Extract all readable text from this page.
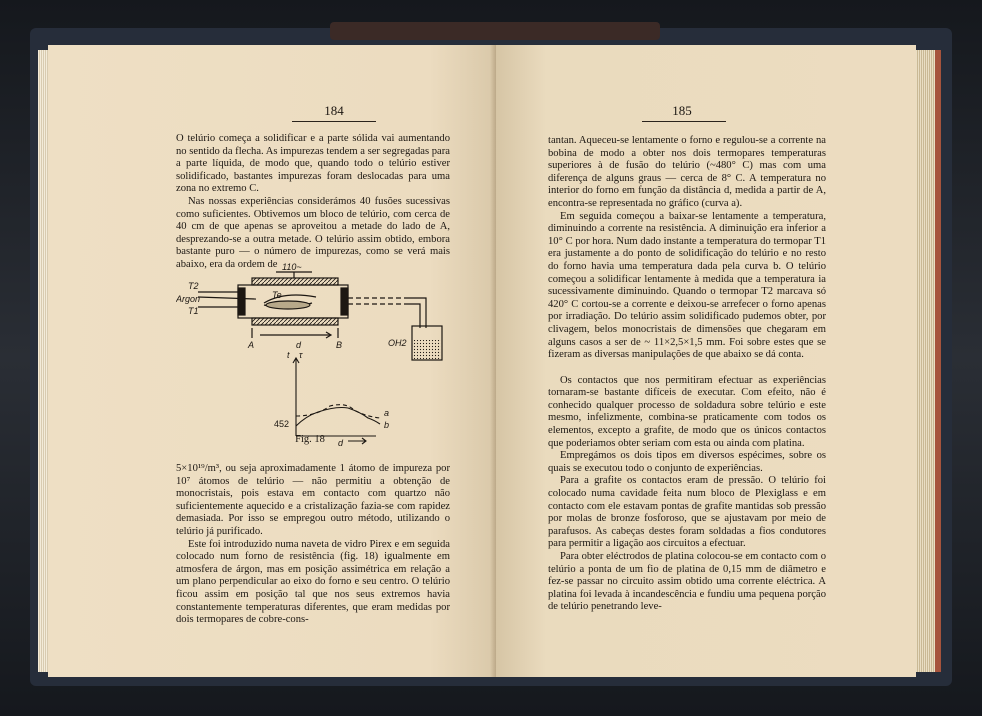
184

O telúrio começa a solidificar e a parte sólida vai aumentando no sentido da flecha. As impurezas tendem a ser segregadas para a parte líquida, de modo que, quando todo o telúrio estiver solidificado, bastantes impurezas foram deslocadas para uma zona no extremo C.

Nas nossas experiências considerámos 40 fusões sucessivas como suficientes. Obtivemos um bloco de telúrio, com cerca de 40 cm de que apenas se aproveitou a metade do lado de A, desprezando-se a outra metade. O telúrio assim obtido, embora bastante puro — o número de impurezas, como se verá mais abaixo, era da ordem de 110~
T2
Argon
T1
Te
A	d	B	OH2
t τ
a
b
452
d
Fig. 18

5×10¹⁹/m³, ou seja aproximadamente 1 átomo de impureza por 10⁷ átomos de telúrio — não permitiu a obtenção de monocristais, pois estava em contacto com quartzo não suficientemente aquecido e a cristalização fazia-se com rapidez demasiada. Por isso se empregou outro método, utilizando o telúrio já purificado.

Este foi introduzido numa naveta de vidro Pirex e em seguida colocado num forno de resistência (fig. 18) igualmente em atmosfera de árgon, mas em posição assimétrica em relação a um plano perpendicular ao eixo do forno e seu centro. O telúrio ficou assim em posição tal que nos seus extremos havia constantemente temperaturas diferentes, que eram medidas por dois termopares de cobre-cons-

185

tantan. Aqueceu-se lentamente o forno e regulou-se a corrente na bobina de modo a obter nos dois termopares temperaturas superiores à de fusão do telúrio (~480° C) mas com uma diferença de alguns graus — cerca de 8° C. A temperatura no interior do forno em função da distância d, medida a partir de A, encontra-se representada no gráfico (curva a).

Em seguida começou a baixar-se lentamente a temperatura, diminuindo a corrente na resistência. A diminuição era inferior a 10° C por hora. Num dado instante a temperatura do termopar T1 era justamente a do ponto de solidificação do telúrio e no resto do forno havia uma temperatura dada pela curva b. O telúrio começou a solidificar lentamente à medida que a temperatura ia sucessivamente diminuindo. Quando o termopar T2 marcava só 420° C cortou-se a corrente e deixou-se arrefecer o forno apenas por irradiação. Do telúrio assim solidificado pudemos obter, por clivagem, belos monocristais de dimensões que chegaram em alguns casos a ser de ~ 11×2,5×1,5 mm. Foi sobre estes que se fizeram as diversas manipulações de que abaixo se dá conta.

Os contactos que nos permitiram efectuar as experiências tornaram-se bastante difíceis de executar. Com efeito, não é conhecido qualquer processo de soldadura sobre telúrio e este mesmo, infelizmente, combina-se praticamente com todos os elementos, excepto a grafite, de modo que os únicos contactos que poderiamos obter seriam com esta ou ainda com platina.

Empregámos os dois tipos em diversos espécimes, sobre os quais se executou todo o conjunto de experiências.

Para a grafite os contactos eram de pressão. O telúrio foi colocado numa cavidade feita num bloco de Plexiglass e em contacto com ele estavam pontas de grafite mantidas sob pressão por molas de bronze fosforoso, que se ajustavam por meio de parafusos. As cabeças destes foram soldadas a fios condutores para permitir a ligação aos circuitos a efectuar.

Para obter eléctrodos de platina colocou-se em contacto com o telúrio a ponta de um fio de platina de 0,15 mm de diâmetro e fez-se passar no circuito assim obtido uma corrente eléctrica. A platina foi levada à incandescência e fundiu uma pequena porção de telúrio penetrando leve-
